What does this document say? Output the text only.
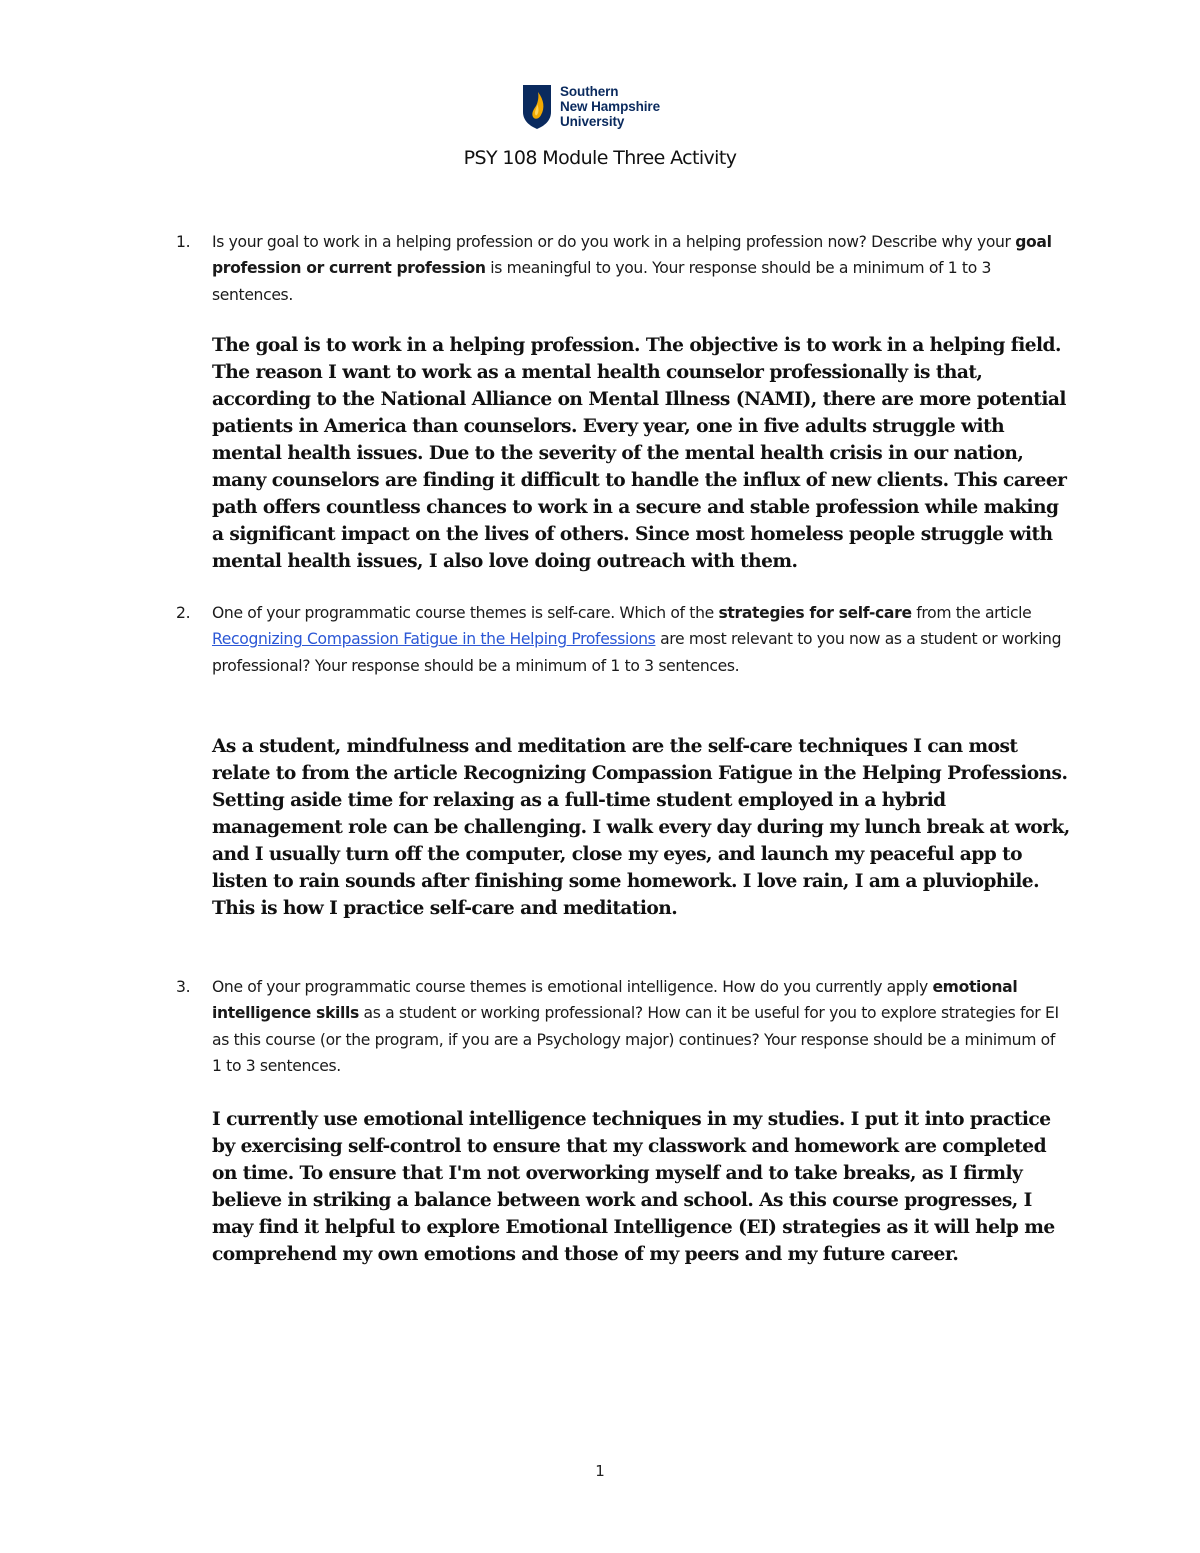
Southern
New Hampshire
University
PSY 108 Module Three Activity
1. Is your goal to work in a helping profession or do you work in a helping profession now? Describe why your goal profession or current profession is meaningful to you. Your response should be a minimum of 1 to 3 sentences.
The goal is to work in a helping profession. The objective is to work in a helping field. The reason I want to work as a mental health counselor professionally is that, according to the National Alliance on Mental Illness (NAMI), there are more potential patients in America than counselors. Every year, one in five adults struggle with mental health issues. Due to the severity of the mental health crisis in our nation, many counselors are finding it difficult to handle the influx of new clients. This career path offers countless chances to work in a secure and stable profession while making a significant impact on the lives of others. Since most homeless people struggle with mental health issues, I also love doing outreach with them.
2. One of your programmatic course themes is self-care. Which of the strategies for self-care from the article Recognizing Compassion Fatigue in the Helping Professions are most relevant to you now as a student or working professional? Your response should be a minimum of 1 to 3 sentences.
As a student, mindfulness and meditation are the self-care techniques I can most relate to from the article Recognizing Compassion Fatigue in the Helping Professions. Setting aside time for relaxing as a full-time student employed in a hybrid management role can be challenging. I walk every day during my lunch break at work, and I usually turn off the computer, close my eyes, and launch my peaceful app to listen to rain sounds after finishing some homework. I love rain, I am a pluviophile. This is how I practice self-care and meditation.
3. One of your programmatic course themes is emotional intelligence. How do you currently apply emotional intelligence skills as a student or working professional? How can it be useful for you to explore strategies for EI as this course (or the program, if you are a Psychology major) continues? Your response should be a minimum of 1 to 3 sentences.
I currently use emotional intelligence techniques in my studies. I put it into practice by exercising self-control to ensure that my classwork and homework are completed on time. To ensure that I'm not overworking myself and to take breaks, as I firmly believe in striking a balance between work and school. As this course progresses, I may find it helpful to explore Emotional Intelligence (EI) strategies as it will help me comprehend my own emotions and those of my peers and my future career.
1
